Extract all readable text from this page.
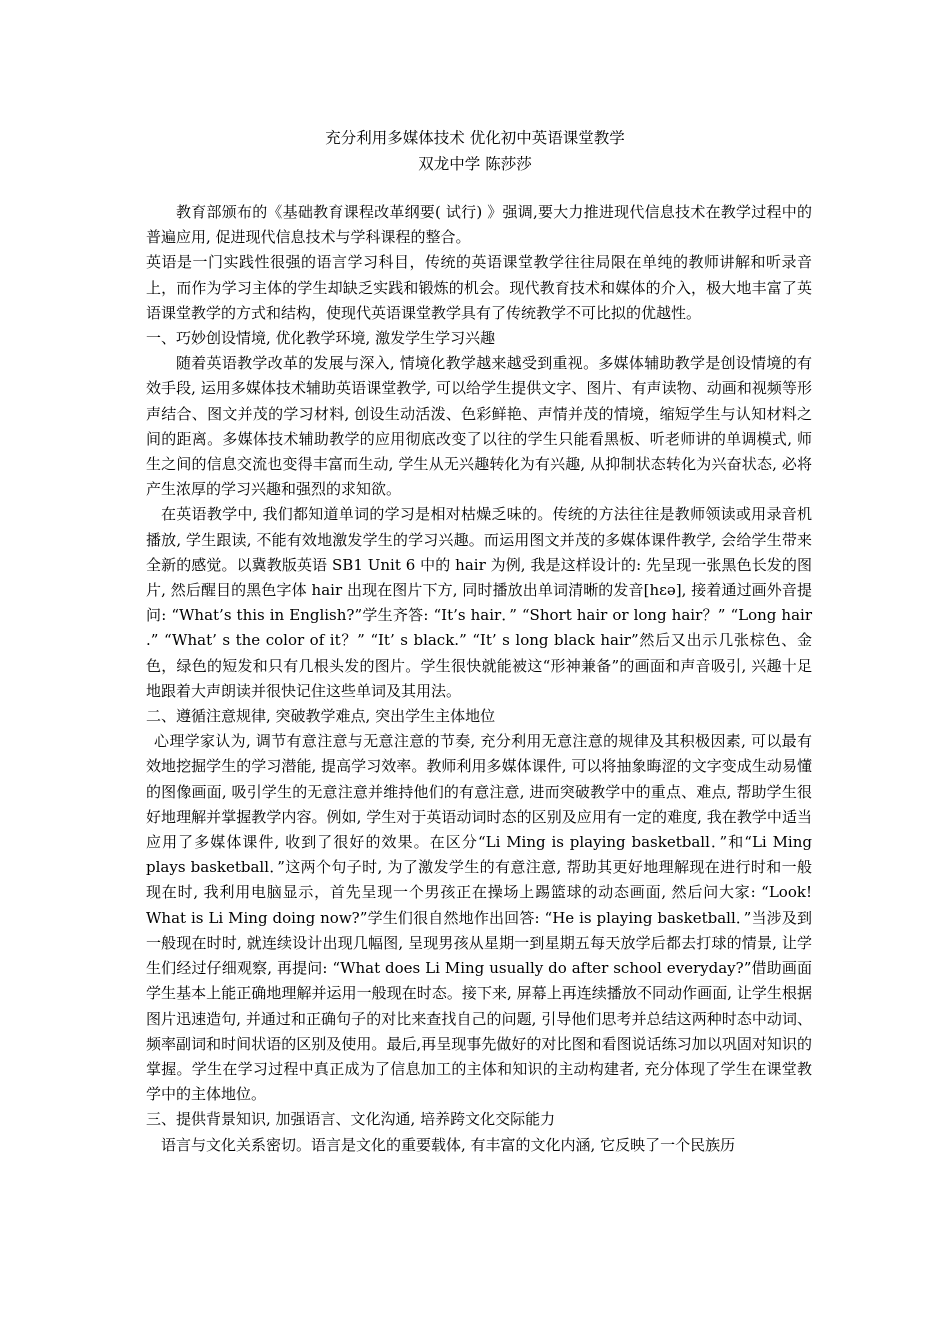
充分利用多媒体技术 优化初中英语课堂教学
双龙中学 陈莎莎

教育部颁布的《基础教育课程改革纲要( 试行) 》强调,要大力推进现代信息技术在教学过程中的普遍应用, 促进现代信息技术与学科课程的整合。

英语是一门实践性很强的语言学习科目，传统的英语课堂教学往往局限在单纯的教师讲解和听录音上，而作为学习主体的学生却缺乏实践和锻炼的机会。现代教育技术和媒体的介入，极大地丰富了英语课堂教学的方式和结构，使现代英语课堂教学具有了传统教学不可比拟的优越性。

一、巧妙创设情境, 优化教学环境, 激发学生学习兴趣

随着英语教学改革的发展与深入, 情境化教学越来越受到重视。多媒体辅助教学是创设情境的有效手段, 运用多媒体技术辅助英语课堂教学, 可以给学生提供文字、图片、有声读物、动画和视频等形声结合、图文并茂的学习材料, 创设生动活泼、色彩鲜艳、声情并茂的情境，缩短学生与认知材料之间的距离。多媒体技术辅助教学的应用彻底改变了以往的学生只能看黑板、听老师讲的单调模式, 师生之间的信息交流也变得丰富而生动, 学生从无兴趣转化为有兴趣, 从抑制状态转化为兴奋状态, 必将产生浓厚的学习兴趣和强烈的求知欲。

在英语教学中, 我们都知道单词的学习是相对枯燥乏味的。传统的方法往往是教师领读或用录音机播放, 学生跟读, 不能有效地激发学生的学习兴趣。而运用图文并茂的多媒体课件教学, 会给学生带来全新的感觉。以冀教版英语 SB1 Unit 6 中的 hair 为例, 我是这样设计的: 先呈现一张黑色长发的图片, 然后醒目的黑色字体 hair 出现在图片下方, 同时播放出单词清晰的发音[hɛə], 接着通过画外音提问: “What’s this in English?”学生齐答: “It’s hair．” “Short hair or long hair？” “Long hair .” “What’ s the color of it？” “It’ s black.” “It’ s long black hair”然后又出示几张棕色、金色，绿色的短发和只有几根头发的图片。学生很快就能被这“形神兼备”的画面和声音吸引, 兴趣十足地跟着大声朗读并很快记住这些单词及其用法。

二、遵循注意规律, 突破教学难点, 突出学生主体地位

心理学家认为, 调节有意注意与无意注意的节奏, 充分利用无意注意的规律及其积极因素, 可以最有效地挖掘学生的学习潜能, 提高学习效率。教师利用多媒体课件, 可以将抽象晦涩的文字变成生动易懂的图像画面, 吸引学生的无意注意并维持他们的有意注意, 进而突破教学中的重点、难点, 帮助学生很好地理解并掌握教学内容。例如, 学生对于英语动词时态的区别及应用有一定的难度, 我在教学中适当应用了多媒体课件, 收到了很好的效果。在区分“Li Ming is playing basketball．”和“Li Ming plays basketball．”这两个句子时, 为了激发学生的有意注意, 帮助其更好地理解现在进行时和一般现在时, 我利用电脑显示，首先呈现一个男孩正在操场上踢篮球的动态画面, 然后问大家: “Look! What is Li Ming doing now?”学生们很自然地作出回答: “He is playing basketball．”当涉及到一般现在时时, 就连续设计出现几幅图, 呈现男孩从星期一到星期五每天放学后都去打球的情景, 让学生们经过仔细观察, 再提问: “What does Li Ming usually do after school everyday?”借助画面学生基本上能正确地理解并运用一般现在时态。接下来, 屏幕上再连续播放不同动作画面, 让学生根据图片迅速造句, 并通过和正确句子的对比来查找自己的问题, 引导他们思考并总结这两种时态中动词、频率副词和时间状语的区别及使用。最后,再呈现事先做好的对比图和看图说话练习加以巩固对知识的掌握。学生在学习过程中真正成为了信息加工的主体和知识的主动构建者, 充分体现了学生在课堂教学中的主体地位。

三、提供背景知识, 加强语言、文化沟通, 培养跨文化交际能力

语言与文化关系密切。语言是文化的重要载体, 有丰富的文化内涵, 它反映了一个民族历
